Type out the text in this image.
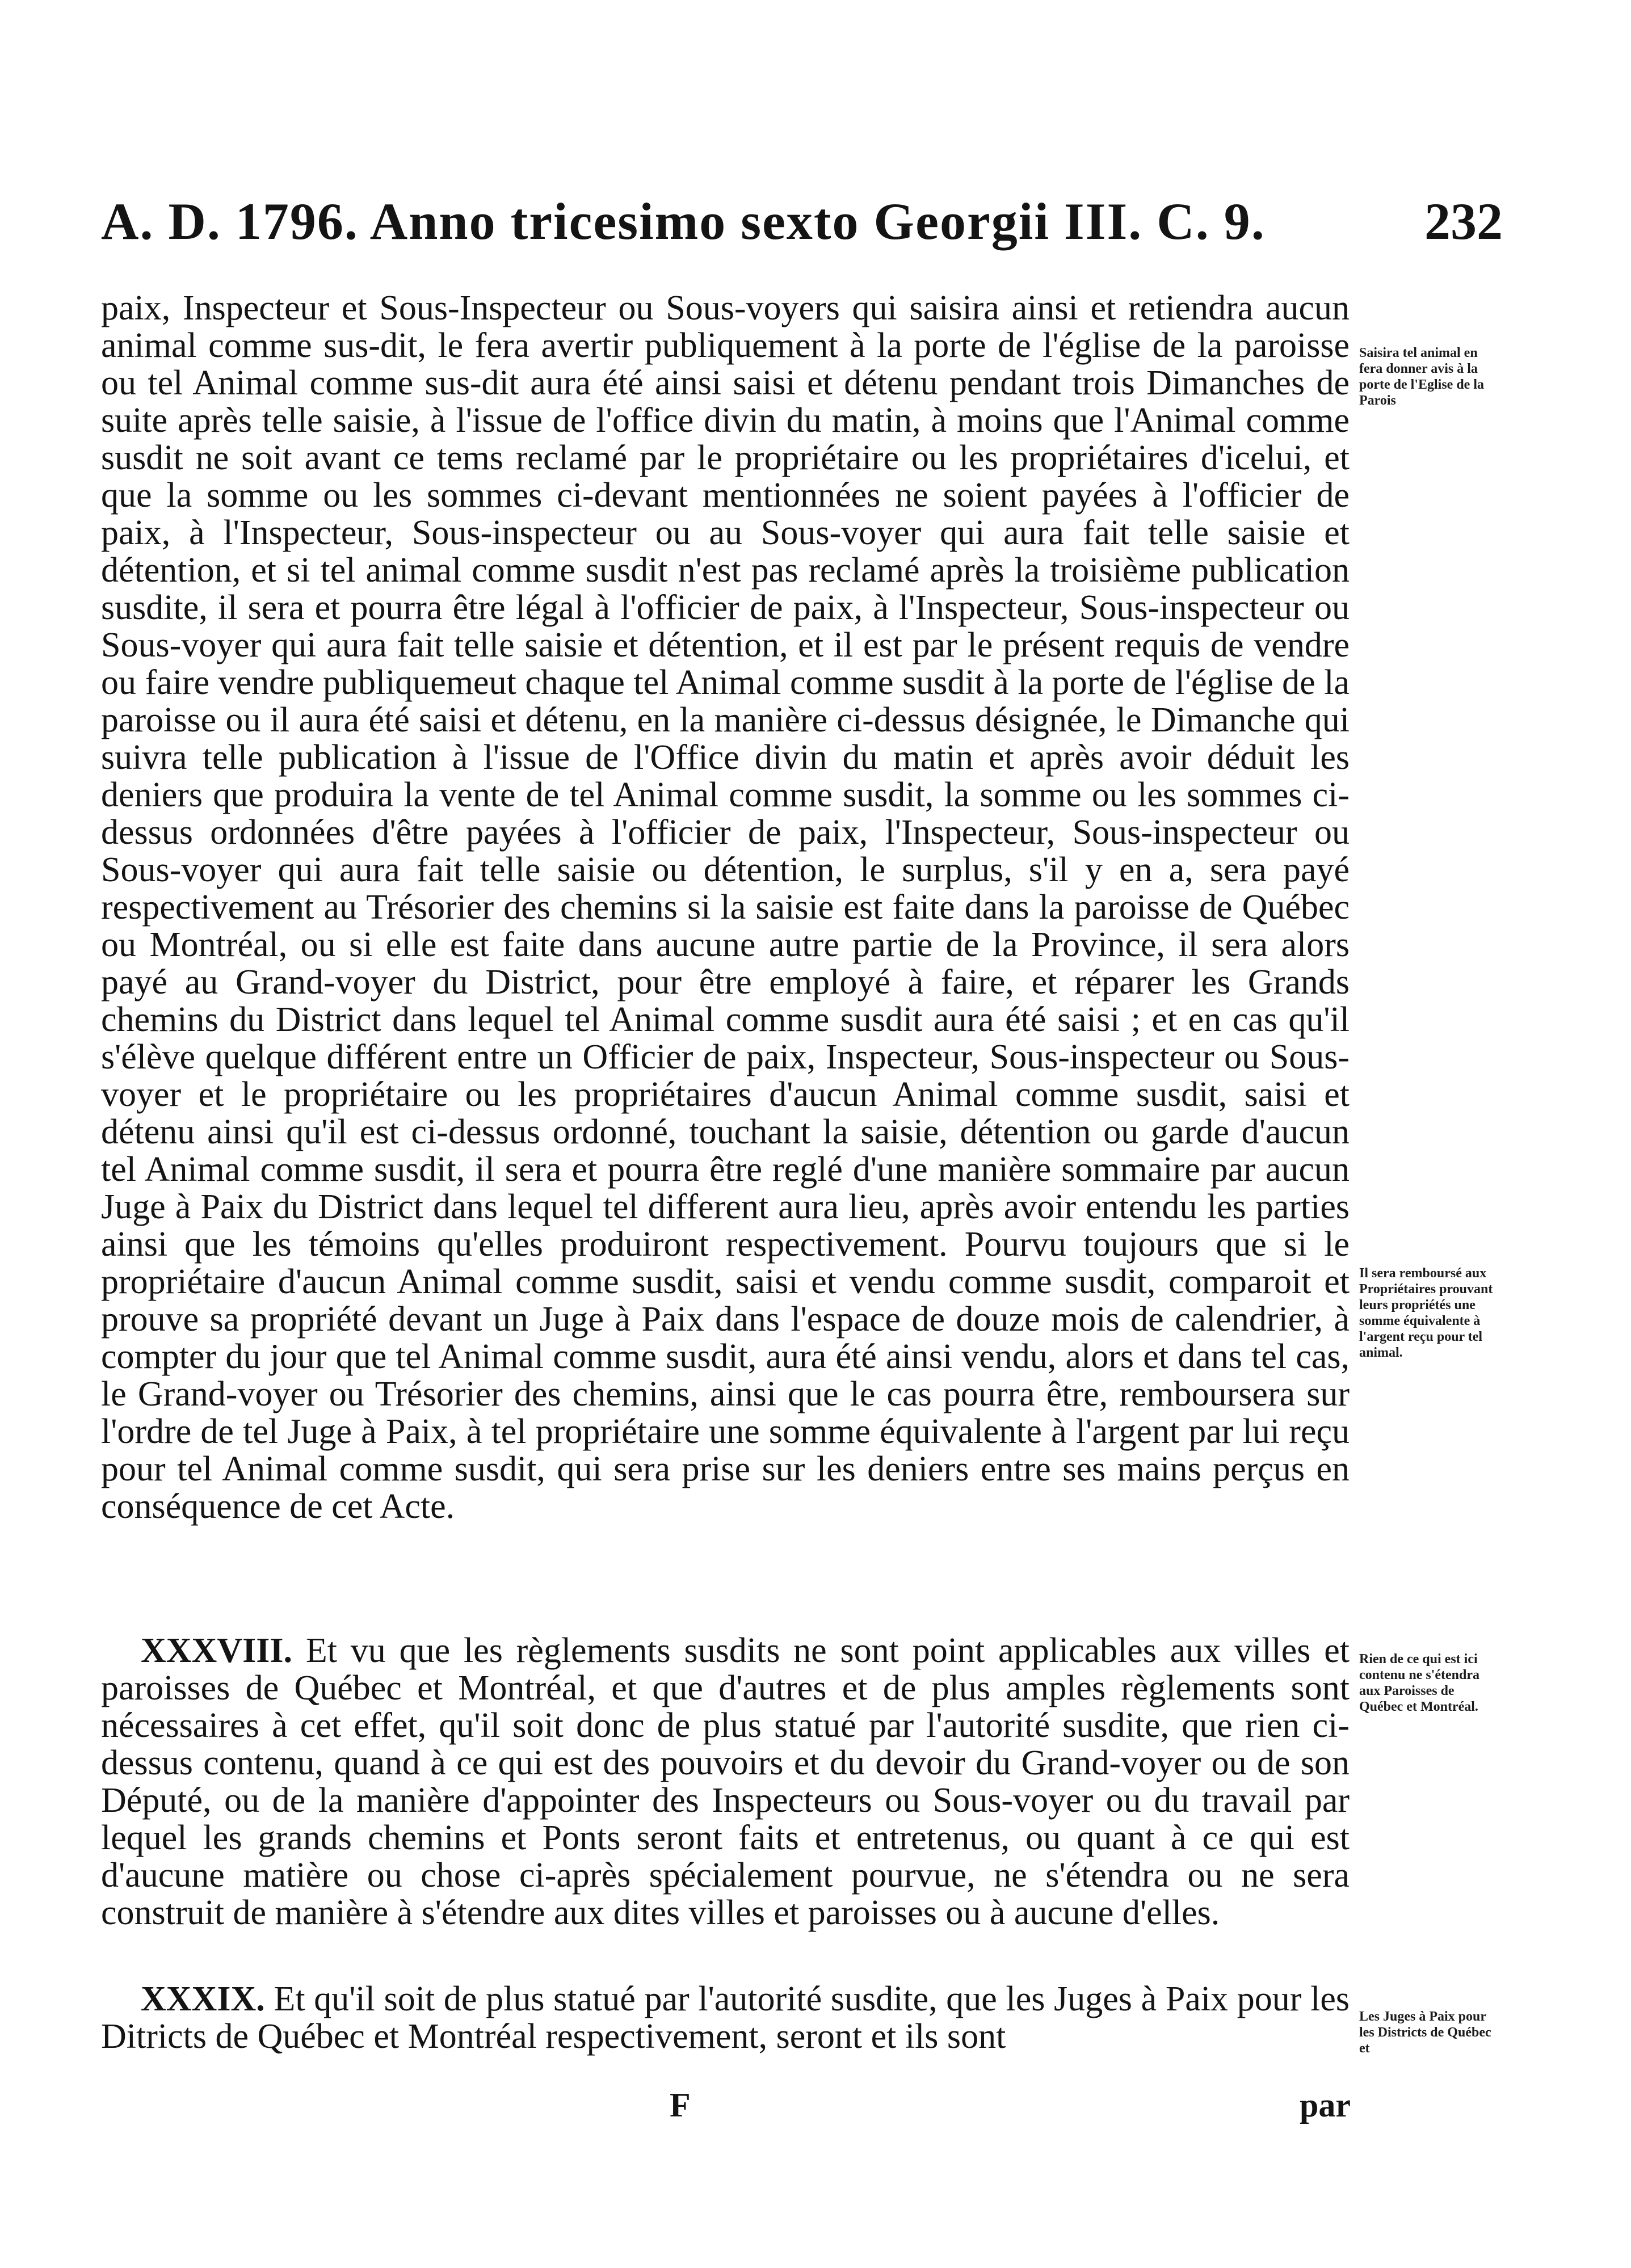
A. D. 1796. Anno tricesimo sexto Georgii III. C. 9.	232

paix, Inspecteur et Sous-Inspecteur ou Sous-voyers qui saisira ainsi et retiendra aucun animal comme sus-dit, le fera avertir publiquement à la porte de l'église de la paroisse ou tel Animal comme sus-dit aura été ainsi saisi et détenu pendant trois Dimanches de suite après telle saisie, à l'issue de l'office divin du matin, à moins que l'Animal comme susdit ne soit avant ce tems reclamé par le propriétaire ou les propriétaires d'icelui, et que la somme ou les sommes ci-devant mentionnées ne soient payées à l'officier de paix, à l'Inspecteur, Sous-inspecteur ou au Sous-voyer qui aura fait telle saisie et détention, et si tel animal comme susdit n'est pas reclamé après la troisième publication susdite, il sera et pourra être légal à l'officier de paix, à l'Inspecteur, Sous-inspecteur ou Sous-voyer qui aura fait telle saisie et détention, et il est par le présent requis de vendre ou faire vendre publiquemeut chaque tel Animal comme susdit à la porte de l'église de la paroisse ou il aura été saisi et détenu, en la manière ci-dessus désignée, le Dimanche qui suivra telle publication à l'issue de l'Office divin du matin et après avoir déduit les deniers que produira la vente de tel Animal comme susdit, la somme ou les sommes ci-dessus ordonnées d'être payées à l'officier de paix, l'Inspecteur, Sous-inspecteur ou Sous-voyer qui aura fait telle saisie ou détention, le surplus, s'il y en a, sera payé respectivement au Trésorier des chemins si la saisie est faite dans la paroisse de Québec ou Montréal, ou si elle est faite dans aucune autre partie de la Province, il sera alors payé au Grand-voyer du District, pour être employé à faire, et réparer les Grands chemins du District dans lequel tel Animal comme susdit aura été saisi ; et en cas qu'il s'élève quelque différent entre un Officier de paix, Inspecteur, Sous-inspecteur ou Sous-voyer et le propriétaire ou les propriétaires d'aucun Animal comme susdit, saisi et détenu ainsi qu'il est ci-dessus ordonné, touchant la saisie, détention ou garde d'aucun tel Animal comme susdit, il sera et pourra être reglé d'une manière sommaire par aucun Juge à Paix du District dans lequel tel different aura lieu, après avoir entendu les parties ainsi que les témoins qu'elles produiront respectivement. Pourvu toujours que si le propriétaire d'aucun Animal comme susdit, saisi et vendu comme susdit, comparoit et prouve sa propriété devant un Juge à Paix dans l'espace de douze mois de calendrier, à compter du jour que tel Animal comme susdit, aura été ainsi vendu, alors et dans tel cas, le Grand-voyer ou Trésorier des chemins, ainsi que le cas pourra être, remboursera sur l'ordre de tel Juge à Paix, à tel propriétaire une somme équivalente à l'argent par lui reçu pour tel Animal comme susdit, qui sera prise sur les deniers entre ses mains perçus en conséquence de cet Acte.

XXXVIII. Et vu que les règlements susdits ne sont point applicables aux villes et paroisses de Québec et Montréal, et que d'autres et de plus amples règlements sont nécessaires à cet effet, qu'il soit donc de plus statué par l'autorité susdite, que rien ci-dessus contenu, quand à ce qui est des pouvoirs et du devoir du Grand-voyer ou de son Député, ou de la manière d'appointer des Inspecteurs ou Sous-voyer ou du travail par lequel les grands chemins et Ponts seront faits et entretenus, ou quant à ce qui est d'aucune matière ou chose ci-après spécialement pourvue, ne s'étendra ou ne sera construit de manière à s'étendre aux dites villes et paroisses ou à aucune d'elles.

XXXIX. Et qu'il soit de plus statué par l'autorité susdite, que les Juges à Paix pour les Ditricts de Québec et Montréal respectivement, seront et ils sont

Saisira tel animal en fera donner avis à la porte de l'Eglise de la Parois
Il sera remboursé aux Propriétaires prouvant leurs propriétés une somme équivalente à l'argent reçu pour tel animal.
Rien de ce qui est ici contenu ne s'étendra aux Paroisses de Québec et Montréal.
Les Juges à Paix pour les Districts de Québec et
F	par
